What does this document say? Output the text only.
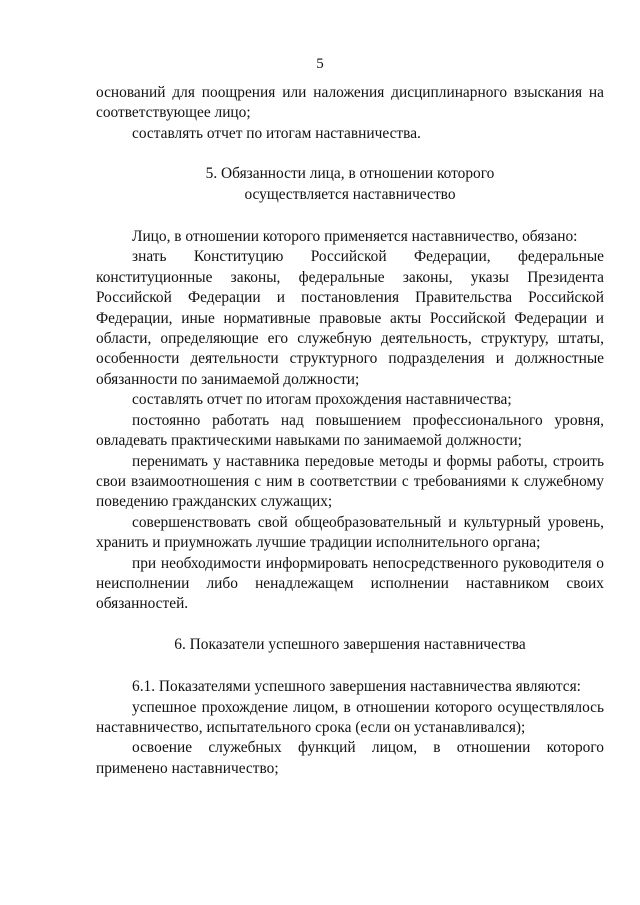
5

оснований для поощрения или наложения дисциплинарного взыскания на соответствующее лицо;

составлять отчет по итогам наставничества.

5. Обязанности лица, в отношении которого
осуществляется наставничество

Лицо, в отношении которого применяется наставничество, обязано:

знать Конституцию Российской Федерации, федеральные конституционные законы, федеральные законы, указы Президента Российской Федерации и постановления Правительства Российской Федерации, иные нормативные правовые акты Российской Федерации и области, определяющие его служебную деятельность, структуру, штаты, особенности деятельности структурного подразделения и должностные обязанности по занимаемой должности;

составлять отчет по итогам прохождения наставничества;

постоянно работать над повышением профессионального уровня, овладевать практическими навыками по занимаемой должности;

перенимать у наставника передовые методы и формы работы, строить свои взаимоотношения с ним в соответствии с требованиями к служебному поведению гражданских служащих;

совершенствовать свой общеобразовательный и культурный уровень, хранить и приумножать лучшие традиции исполнительного органа;

при необходимости информировать непосредственного руководителя о неисполнении либо ненадлежащем исполнении наставником своих обязанностей.

6. Показатели успешного завершения наставничества

6.1. Показателями успешного завершения наставничества являются:

успешное прохождение лицом, в отношении которого осуществлялось наставничество, испытательного срока (если он устанавливался);

освоение служебных функций лицом, в отношении которого применено наставничество;
